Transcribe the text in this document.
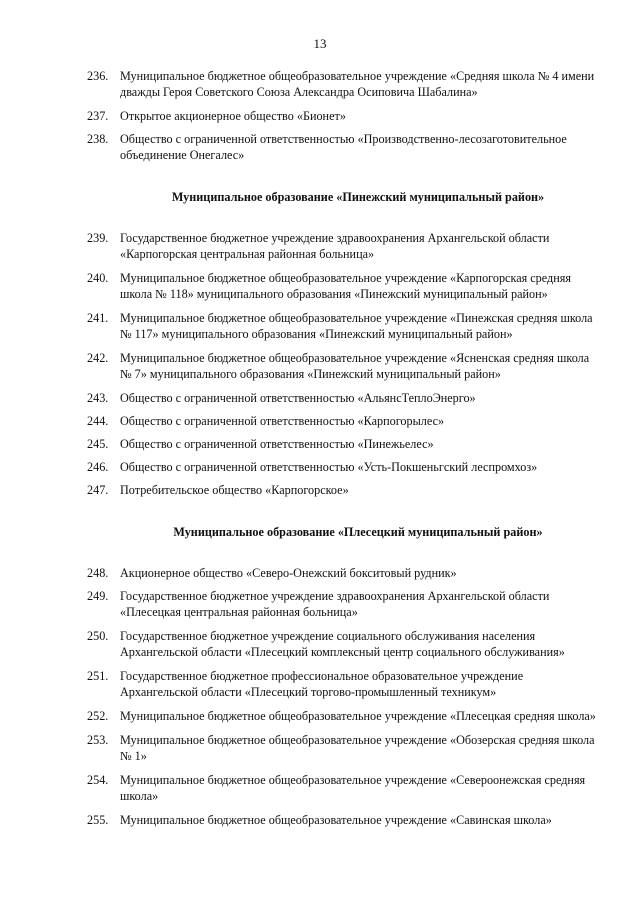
13
236. Муниципальное бюджетное общеобразовательное учреждение «Средняя школа № 4 имени дважды Героя Советского Союза Александра Осиповича Шабалина»
237. Открытое акционерное общество «Бионет»
238. Общество с ограниченной ответственностью «Производственно-лесозаготовительное объединение Онегалес»
Муниципальное образование «Пинежский муниципальный район»
239. Государственное бюджетное учреждение здравоохранения Архангельской области «Карпогорская центральная районная больница»
240. Муниципальное бюджетное общеобразовательное учреждение «Карпогорская средняя школа № 118» муниципального образования «Пинежский муниципальный район»
241. Муниципальное бюджетное общеобразовательное учреждение «Пинежская средняя школа № 117» муниципального образования «Пинежский муниципальный район»
242. Муниципальное бюджетное общеобразовательное учреждение «Ясненская средняя школа № 7» муниципального образования «Пинежский муниципальный район»
243. Общество с ограниченной ответственностью «АльянсТеплоЭнерго»
244. Общество с ограниченной ответственностью «Карпогорылес»
245. Общество с ограниченной ответственностью «Пинежьелес»
246. Общество с ограниченной ответственностью «Усть-Покшеньгский леспромхоз»
247. Потребительское общество «Карпогорское»
Муниципальное образование «Плесецкий муниципальный район»
248. Акционерное общество «Северо-Онежский бокситовый рудник»
249. Государственное бюджетное учреждение здравоохранения Архангельской области «Плесецкая центральная районная больница»
250. Государственное бюджетное учреждение социального обслуживания населения Архангельской области «Плесецкий комплексный центр социального обслуживания»
251. Государственное бюджетное профессиональное образовательное учреждение Архангельской области «Плесецкий торгово-промышленный техникум»
252. Муниципальное бюджетное общеобразовательное учреждение «Плесецкая средняя школа»
253. Муниципальное бюджетное общеобразовательное учреждение «Обозерская средняя школа № 1»
254. Муниципальное бюджетное общеобразовательное учреждение «Североонежская средняя школа»
255. Муниципальное бюджетное общеобразовательное учреждение «Савинская школа»
